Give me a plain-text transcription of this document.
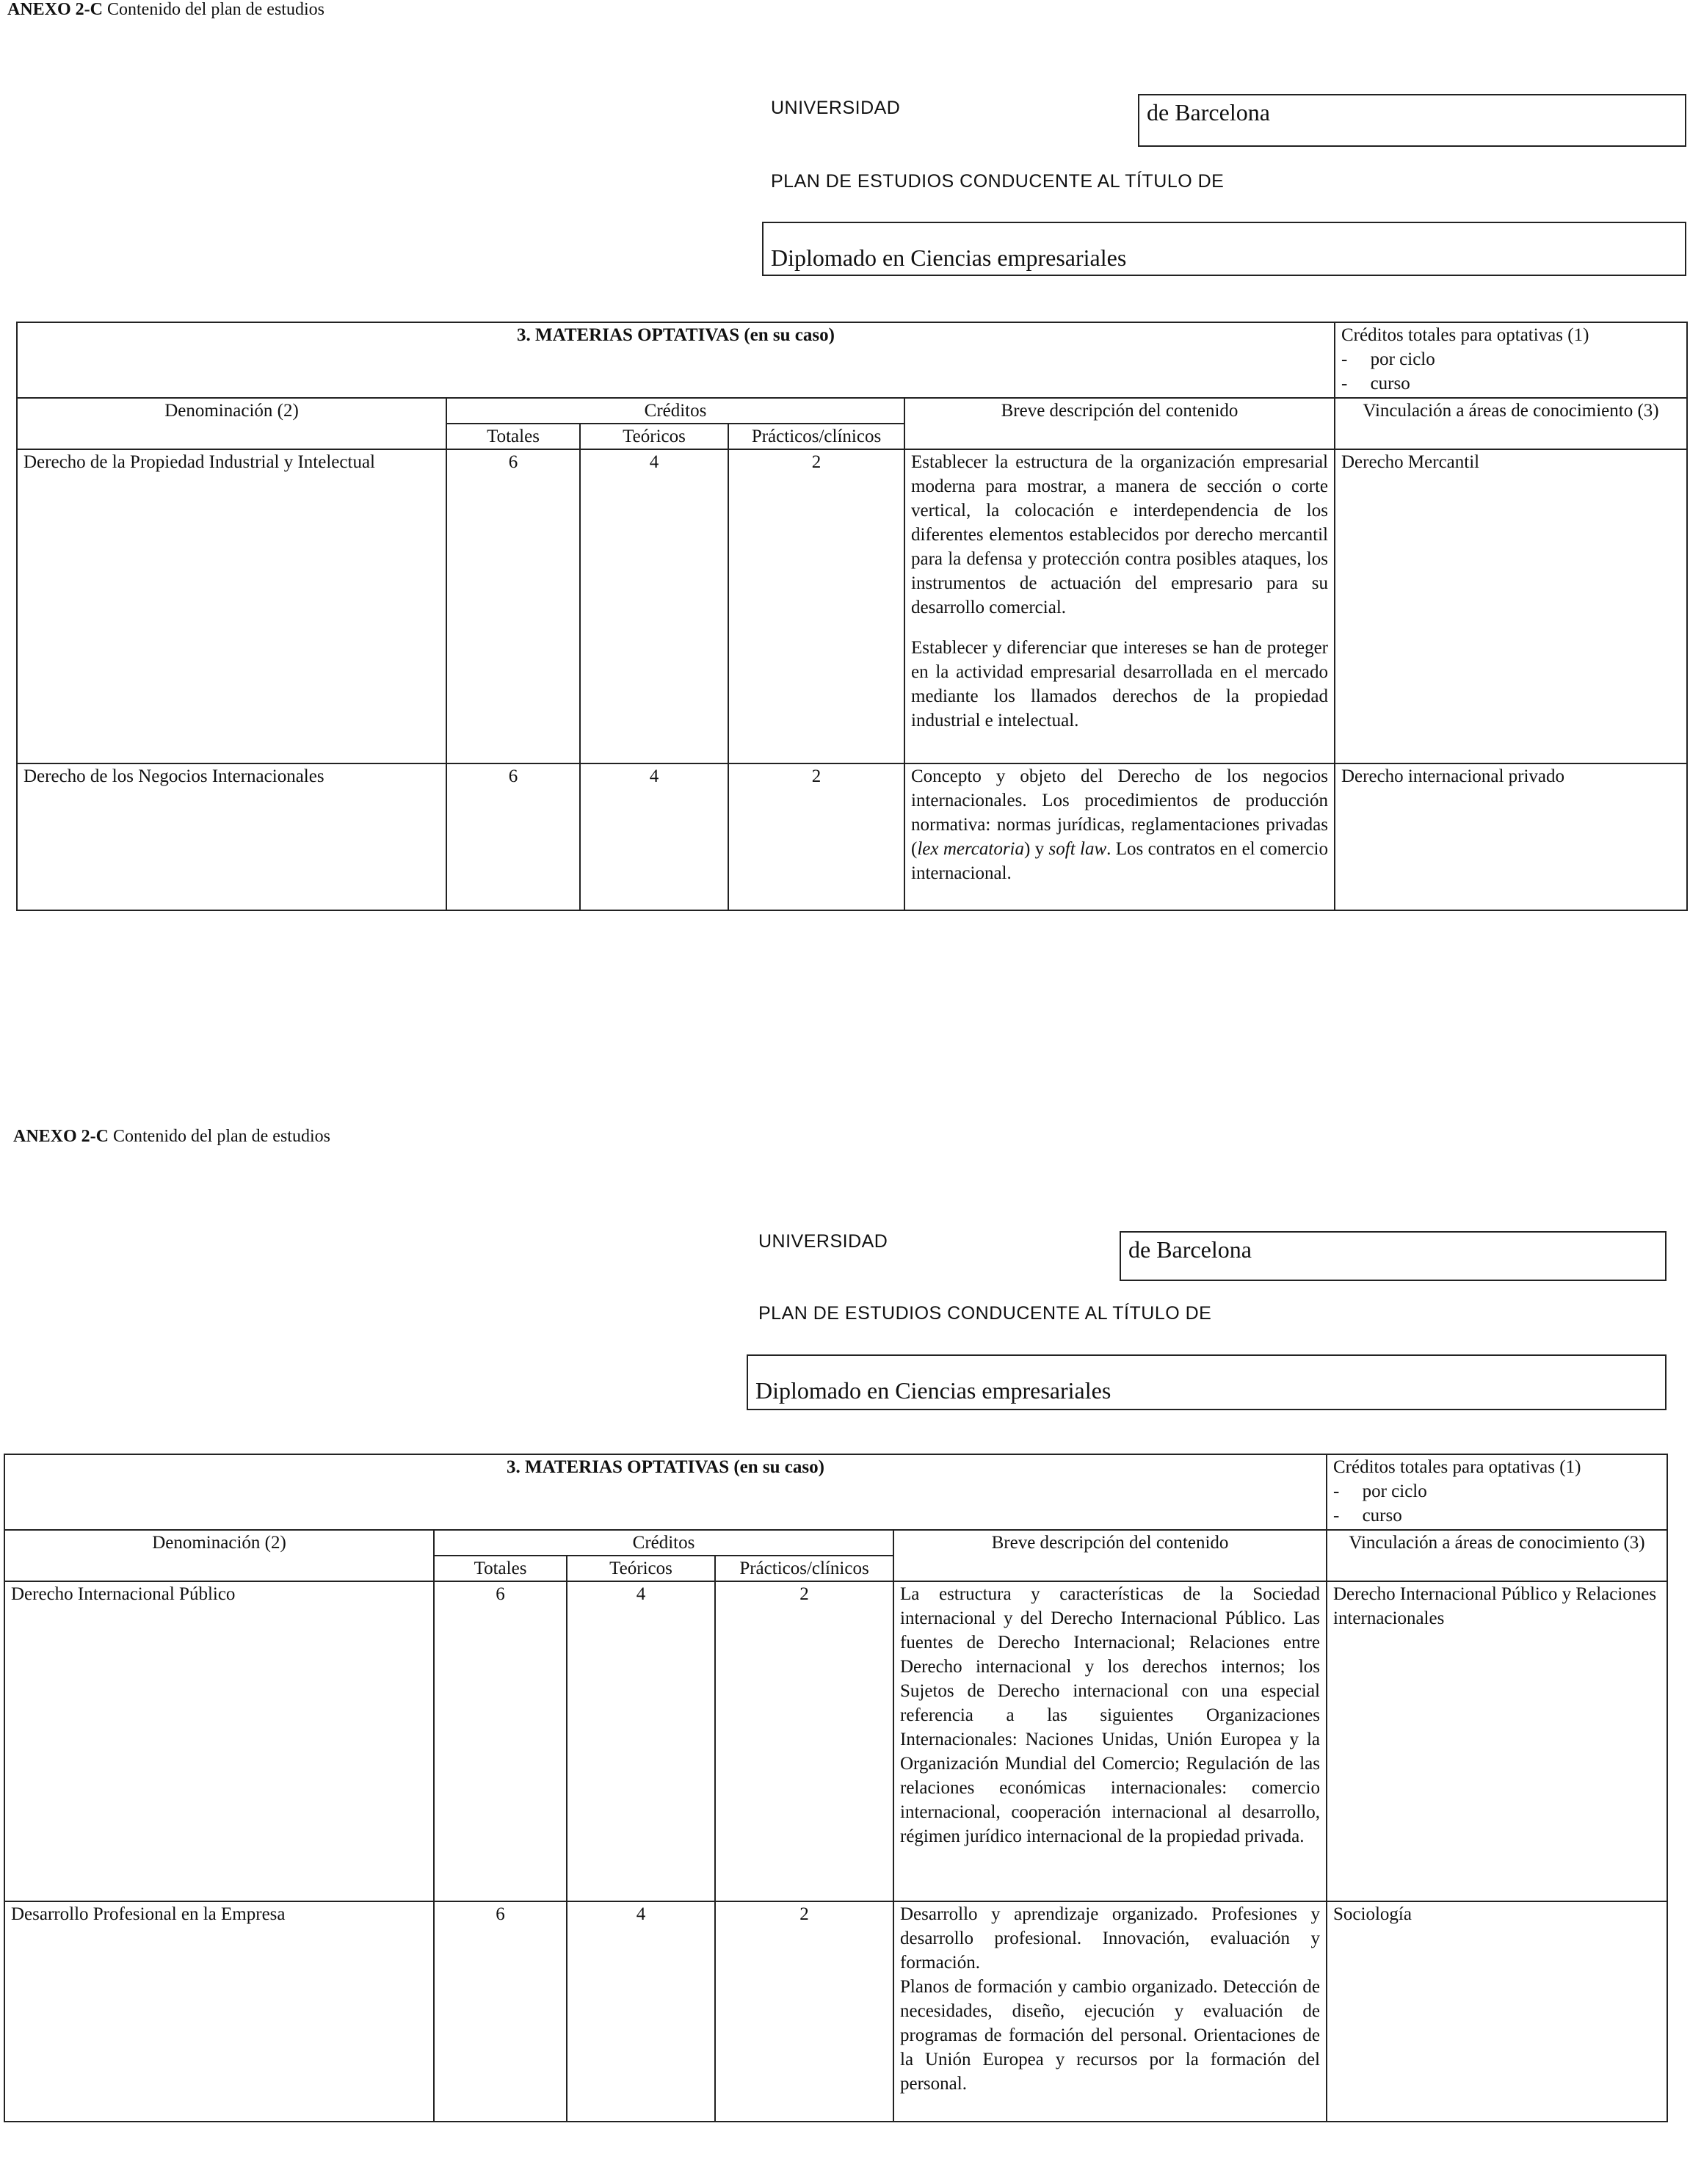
ANEXO 2-C Contenido del plan de estudios
UNIVERSIDAD	de Barcelona
PLAN DE ESTUDIOS CONDUCENTE AL TÍTULO DE
Diplomado en Ciencias empresariales
3. MATERIAS OPTATIVAS (en su caso)					Créditos totales para optativas (1)
-     por ciclo
-     curso

Denominación (2)	Créditos			Breve descripción del contenido	Vinculación a áreas de conocimiento (3)
	Totales	Teóricos	Prácticos/clínicos		
Derecho de la Propiedad Industrial y Intelectual	6	4	2	Establecer la estructura de la organización empresarial moderna para mostrar, a manera de sección o corte vertical, la colocación e interdependencia de los diferentes elementos establecidos por derecho mercantil para la defensa y protección contra posibles ataques, los instrumentos de actuación del empresario para su desarrollo comercial.
Establecer y diferenciar que intereses se han de proteger en la actividad empresarial desarrollada en el mercado mediante los llamados derechos de la propiedad industrial e intelectual.	Derecho Mercantil
Derecho de los Negocios Internacionales	6	4	2	Concepto y objeto del Derecho de los negocios internacionales. Los procedimientos de producción normativa: normas jurídicas, reglamentaciones privadas (lex mercatoria) y soft law. Los contratos en el comercio internacional.	Derecho internacional privado
ANEXO 2-C Contenido del plan de estudios
UNIVERSIDAD	de Barcelona
PLAN DE ESTUDIOS CONDUCENTE AL TÍTULO DE
Diplomado en Ciencias empresariales
3. MATERIAS OPTATIVAS (en su caso)					Créditos totales para optativas (1)
-     por ciclo
-     curso

Denominación (2)	Créditos			Breve descripción del contenido	Vinculación a áreas de conocimiento (3)
	Totales	Teóricos	Prácticos/clínicos		
Derecho Internacional Público	6	4	2	La estructura y características de la Sociedad internacional y del Derecho Internacional Público. Las fuentes de Derecho Internacional; Relaciones entre Derecho internacional y los derechos internos; los Sujetos de Derecho internacional con una especial referencia a las siguientes Organizaciones Internacionales: Naciones Unidas, Unión Europea y la Organización Mundial del Comercio; Regulación de las relaciones económicas internacionales: comercio internacional, cooperación internacional al desarrollo, régimen jurídico internacional de la propiedad privada.	Derecho Internacional Público y Relaciones internacionales
Desarrollo Profesional en la Empresa	6	4	2	Desarrollo y aprendizaje organizado. Profesiones y desarrollo profesional. Innovación, evaluación y formación.
Planos de formación y cambio organizado. Detección de necesidades, diseño, ejecución y evaluación de programas de formación del personal. Orientaciones de la Unión Europea y recursos por la formación del personal.	Sociología
